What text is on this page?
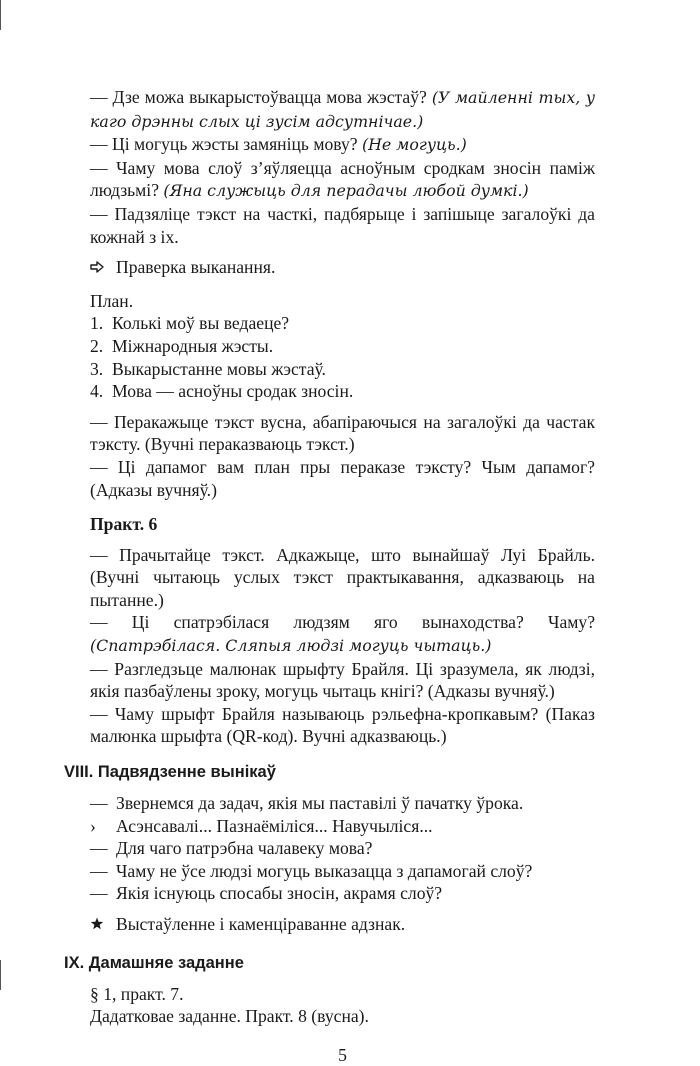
— Дзе можа выкарыстоўвацца мова жэстаў? (У майленні тых, у каго дрэнны слых ці зусім адсутнічае.)

— Ці могуць жэсты замяніць мову? (Не могуць.)

— Чаму мова слоў з’яўляецца асноўным сродкам зносін паміж людзьмі? (Яна служыць для перадачы любой думкі.)

— Падзяліце тэкст на часткі, падбярыце і запішыце загалоўкі да кожнай з іх.

Праверка выканання.
План.
1. Колькі моў вы ведаеце?
2. Міжнародныя жэсты.
3. Выкарыстанне мовы жэстаў.
4. Мова — асноўны сродак зносін.

— Перакажыце тэкст вусна, абапіраючыся на загалоўкі да частак тэксту. (Вучні пераказваюць тэкст.)

— Ці дапамог вам план пры пераказе тэксту? Чым дапамог? (Адказы вучняў.)

Практ. 6

— Прачытайце тэкст. Адкажыце, што вынайшаў Луі Брайль. (Вучні чытаюць услых тэкст практыкавання, адказваюць на пытанне.)

— Ці спатрэбілася людзям яго вынаходства? Чаму? (Спатрэбілася. Сляпыя людзі могуць чытаць.)

— Разгледзьце малюнак шрыфту Брайля. Ці зразумела, як людзі, якія пазбаўлены зроку, могуць чытаць кнігі? (Адказы вучняў.)

— Чаму шрыфт Брайля называюць рэльефна-кропкавым? (Паказ малюнка шрыфта (QR-код). Вучні адказваюць.)

VIII. Падвядзенне вынікаў
— Звернемся да задач, якія мы паставілі ў пачатку ўрока.
›	Асэнсавалі... Пазнаёміліся... Навучыліся...
— Для чаго патрэбна чалавеку мова?
— Чаму не ўсе людзі могуць выказацца з дапамогай слоў?
— Якія існуюць спосабы зносін, акрамя слоў?
Выстаўленне і каменціраванне адзнак.
IX. Дамашняе заданне
§ 1, практ. 7.
Дадатковае заданне. Практ. 8 (вусна).
5
